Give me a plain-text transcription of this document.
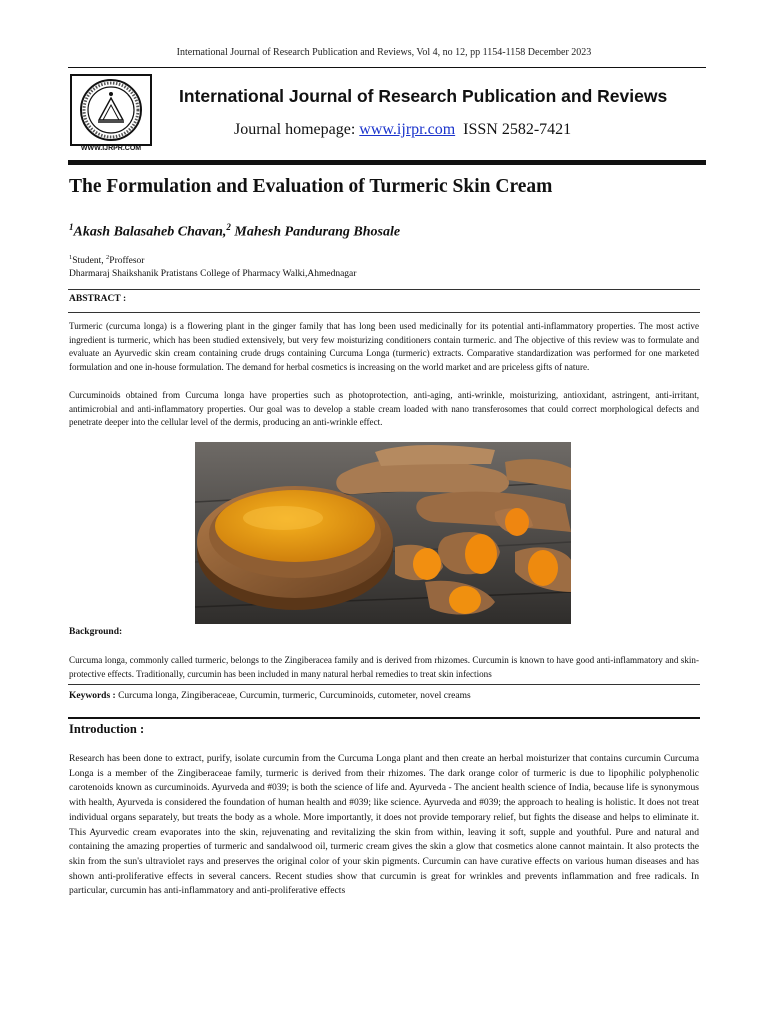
International Journal of Research Publication and Reviews, Vol 4, no 12, pp 1154-1158 December 2023
WWW.IJRPR.COM
International Journal of Research Publication and Reviews
Journal homepage: www.ijrpr.com ISSN 2582-7421
The Formulation and Evaluation of Turmeric Skin Cream
$^1$Akash Balasaheb Chavan,$^2$ Mahesh Pandurang Bhosale
$^1$Student, $^2$Proffesor
Dharmaraj Shaikshanik Pratistans College of Pharmacy Walki,Ahmednagar
ABSTRACT :
Turmeric (curcuma longa) is a flowering plant in the ginger family that has long been used medicinally for its potential anti-inflammatory properties. The most active ingredient is turmeric, which has been studied extensively, but very few moisturizing conditioners contain turmeric. and The objective of this review was to formulate and evaluate an Ayurvedic skin cream containing crude drugs containing Curcuma Longa (turmeric) extracts. Comparative standardization was performed for one marketed formulation and one in-house formulation. The demand for herbal cosmetics is increasing on the world market and are priceless gifts of nature.
Curcuminoids obtained from Curcuma longa have properties such as photoprotection, anti-aging, anti-wrinkle, moisturizing, antioxidant, astringent, anti-irritant, antimicrobial and anti-inflammatory properties. Our goal was to develop a stable cream loaded with nano transferosomes that could correct morphological defects and penetrate deeper into the cellular level of the dermis, producing an anti-wrinkle effect.
Background:
Curcuma longa, commonly called turmeric, belongs to the Zingiberacea family and is derived from rhizomes. Curcumin is known to have good anti-inflammatory and skin-protective effects. Traditionally, curcumin has been included in many natural herbal remedies to treat skin infections
Keywords : Curcuma longa, Zingiberaceae, Curcumin, turmeric, Curcuminoids, cutometer, novel creams
Introduction :
Research has been done to extract, purify, isolate curcumin from the Curcuma Longa plant and then create an herbal moisturizer that contains curcumin Curcuma Longa is a member of the Zingiberaceae family, turmeric is derived from their rhizomes. The dark orange color of turmeric is due to lipophilic polyphenolic carotenoids known as curcuminoids. Ayurveda and #039; is both the science of life and. Ayurveda - The ancient health science of India, because life is synonymous with health, Ayurveda is considered the foundation of human health and #039; like science. Ayurveda and #039; the approach to healing is holistic. It does not treat individual organs separately, but treats the body as a whole. More importantly, it does not provide temporary relief, but fights the disease and helps to eliminate it. This Ayurvedic cream evaporates into the skin, rejuvenating and revitalizing the skin from within, leaving it soft, supple and youthful. Pure and natural and containing the amazing properties of turmeric and sandalwood oil, turmeric cream gives the skin a glow that cosmetics alone cannot maintain. It also protects the skin from the sun's ultraviolet rays and preserves the original color of your skin pigments. Curcumin can have curative effects on various human diseases and has shown anti-proliferative effects in several cancers. Recent studies show that curcumin is great for wrinkles and prevents inflammation and free radicals. In particular, curcumin has anti-inflammatory and anti-proliferative effects
